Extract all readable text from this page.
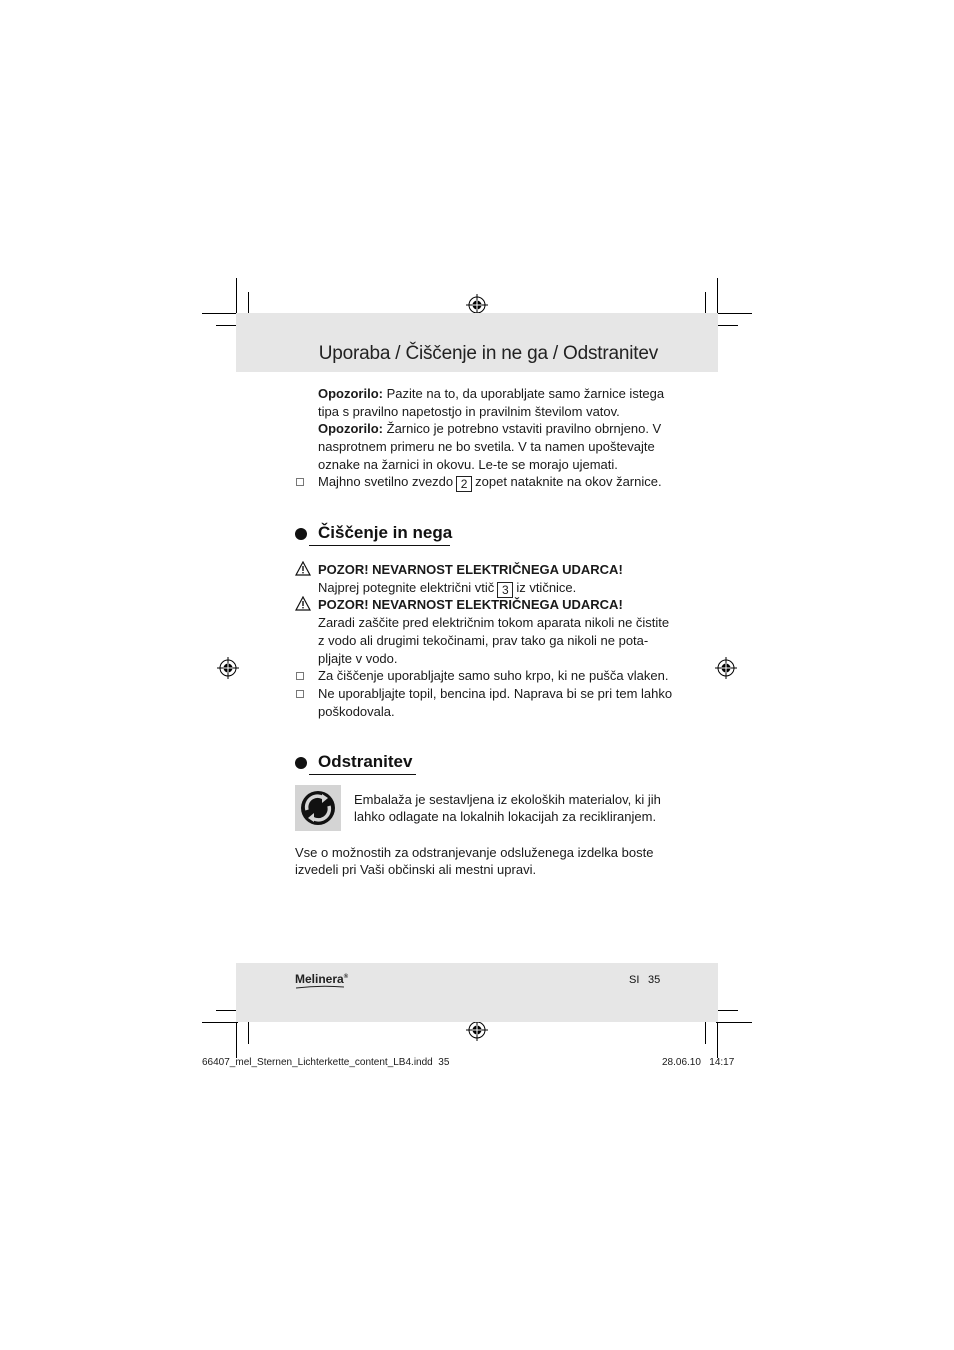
Uporaba / Čiščenje in ne ga / Odstranitev
Opozorilo: Pazite na to, da uporabljate samo žarnice istega
tipa s pravilno napetostjo in pravilnim številom vatov.
Opozorilo: Žarnico je potrebno vstaviti pravilno obrnjeno. V
nasprotnem primeru ne bo svetila. V ta namen upoštevajte
oznake na žarnici in okovu. Le-te se morajo ujemati.
Majhno svetilno zvezdo 2 zopet nataknite na okov žarnice.
Čiščenje in nega
POZOR! NEVARNOST ELEKTRIČNEGA UDARCA!
Najprej potegnite električni vtič 3 iz vtičnice.
POZOR! NEVARNOST ELEKTRIČNEGA UDARCA!
Zaradi zaščite pred električnim tokom aparata nikoli ne čistite
z vodo ali drugimi tekočinami, prav tako ga nikoli ne pota-
pljajte v vodo.
Za čiščenje uporabljajte samo suho krpo, ki ne pušča vlaken.
Ne uporabljajte topil, bencina ipd. Naprava bi se pri tem lahko
poškodovala.
Odstranitev
Embalaža je sestavljena iz ekoloških materialov, ki jih
lahko odlagate na lokalnih lokacijah za recikliranjem.
Vse o možnostih za odstranjevanje odsluženega izdelka boste
izvedeli pri Vaši občinski ali mestni upravi.
Melinera®	SI 35
66407_mel_Sternen_Lichterkette_content_LB4.indd 35	28.06.10 14:17
